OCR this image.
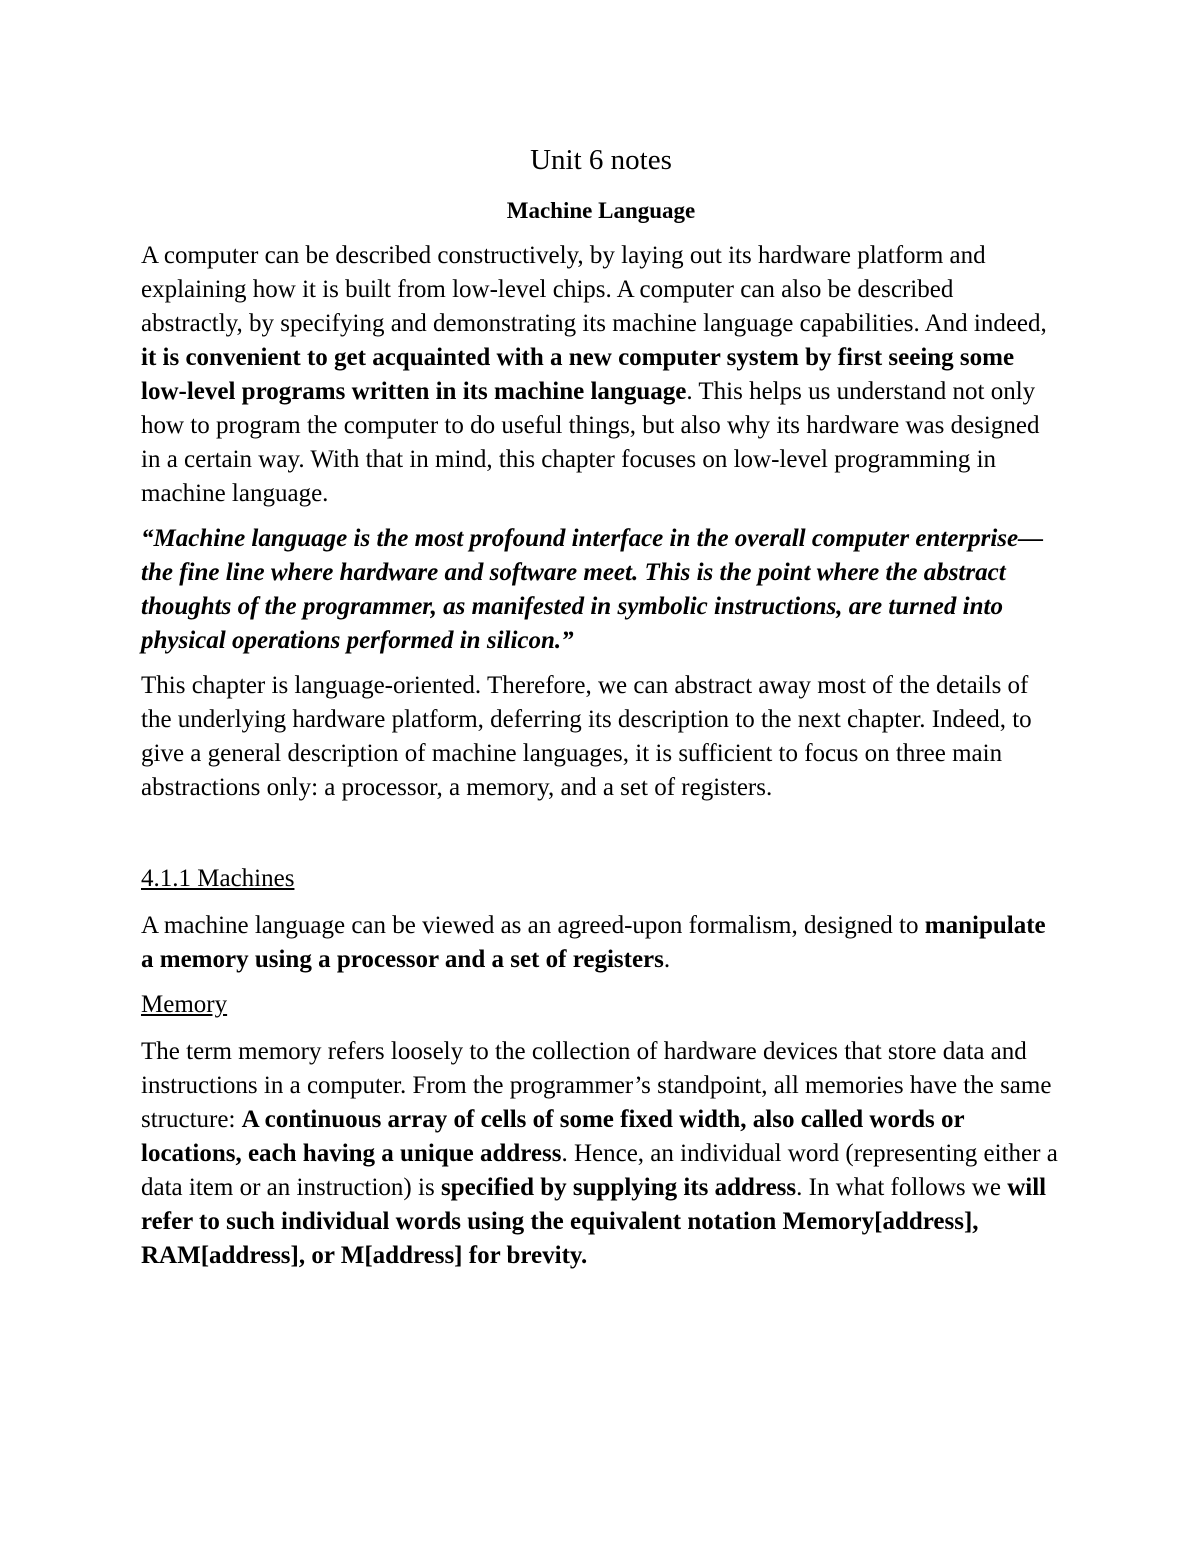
Unit 6 notes
Machine Language

A computer can be described constructively, by laying out its hardware platform and explaining how it is built from low-level chips. A computer can also be described abstractly, by specifying and demonstrating its machine language capabilities. And indeed, it is convenient to get acquainted with a new computer system by first seeing some low-level programs written in its machine language. This helps us understand not only how to program the computer to do useful things, but also why its hardware was designed in a certain way. With that in mind, this chapter focuses on low-level programming in machine language.

“Machine language is the most profound interface in the overall computer enterprise—the fine line where hardware and software meet. This is the point where the abstract thoughts of the programmer, as manifested in symbolic instructions, are turned into physical operations performed in silicon.”

This chapter is language-oriented. Therefore, we can abstract away most of the details of the underlying hardware platform, deferring its description to the next chapter. Indeed, to give a general description of machine languages, it is sufficient to focus on three main abstractions only: a processor, a memory, and a set of registers.

4.1.1 Machines

A machine language can be viewed as an agreed-upon formalism, designed to manipulate a memory using a processor and a set of registers.

Memory

The term memory refers loosely to the collection of hardware devices that store data and instructions in a computer. From the programmer’s standpoint, all memories have the same structure: A continuous array of cells of some fixed width, also called words or locations, each having a unique address. Hence, an individual word (representing either a data item or an instruction) is specified by supplying its address. In what follows we will refer to such individual words using the equivalent notation Memory[address], RAM[address], or M[address] for brevity.
